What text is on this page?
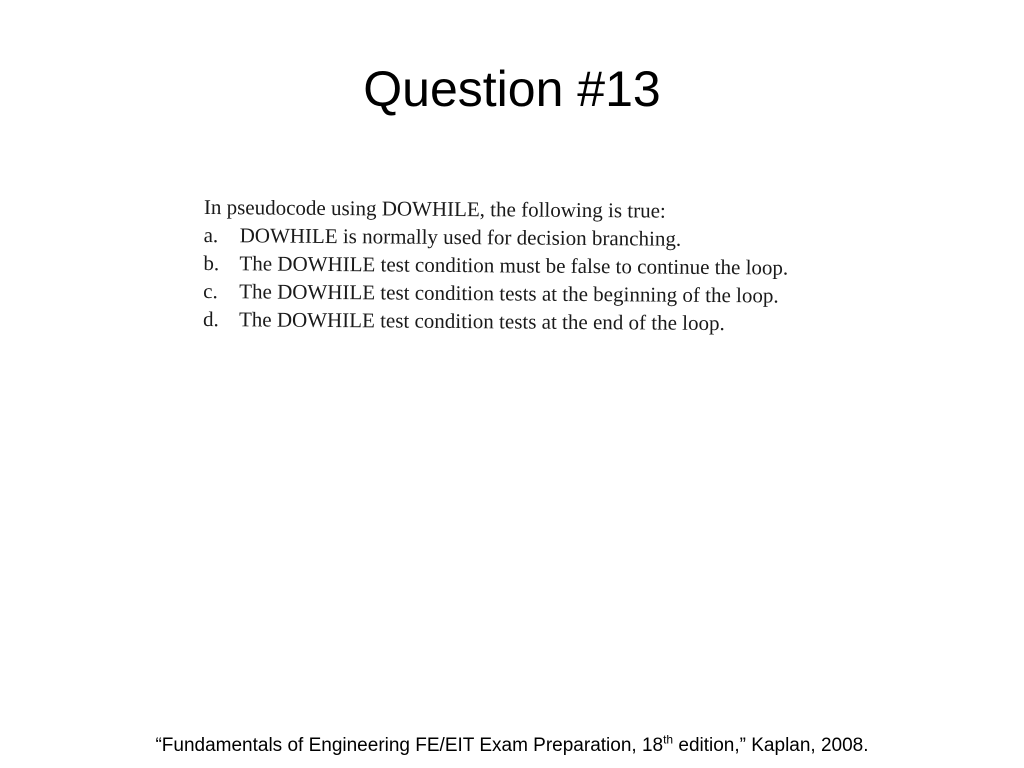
Question #13
In pseudocode using DOWHILE, the following is true:
a. DOWHILE is normally used for decision branching.
b. The DOWHILE test condition must be false to continue the loop.
c. The DOWHILE test condition tests at the beginning of the loop.
d. The DOWHILE test condition tests at the end of the loop.
“Fundamentals of Engineering FE/EIT Exam Preparation, 18th edition,” Kaplan, 2008.
